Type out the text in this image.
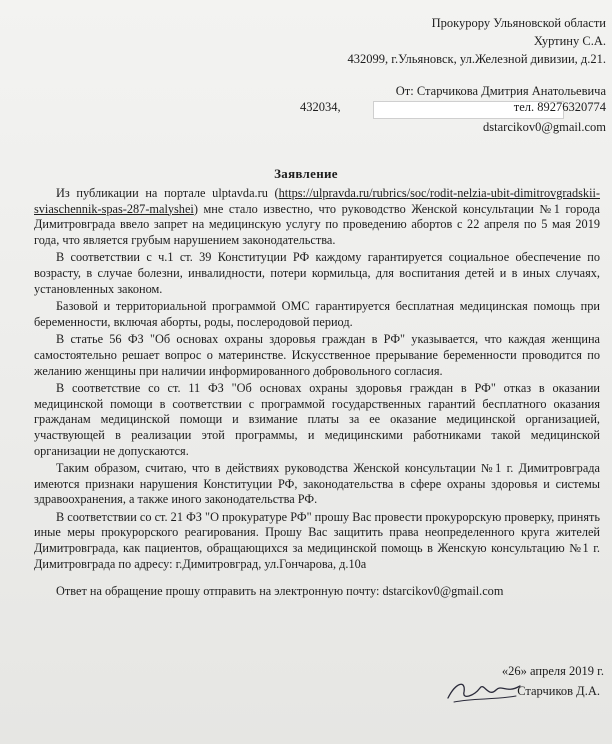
Прокурору Ульяновской области
Хуртину С.А.
432099, г.Ульяновск, ул.Железной дивизии, д.21.
От: Старчикова Дмитрия Анатольевича
432034,	тел. 89276320774
dstarcikov0@gmail.com
Заявление

Из публикации на портале ulptavda.ru (https://ulpravda.ru/rubrics/soc/rodit-nelzia-ubit-dimitrovgradskii-sviaschennik-spas-287-malyshei) мне стало известно, что руководство Женской консультации №1 города Димитровграда ввело запрет на медицинскую услугу по проведению абортов с 22 апреля по 5 мая 2019 года, что является грубым нарушением законодательства.

В соответствии с ч.1 ст. 39 Конституции РФ каждому гарантируется социальное обеспечение по возрасту, в случае болезни, инвалидности, потери кормильца, для воспитания детей и в иных случаях, установленных законом.

Базовой и территориальной программой ОМС гарантируется бесплатная медицинская помощь при беременности, включая аборты, роды, послеродовой период.

В статье 56 ФЗ "Об основах охраны здоровья граждан в РФ" указывается, что каждая женщина самостоятельно решает вопрос о материнстве. Искусственное прерывание беременности проводится по желанию женщины при наличии информированного добровольного согласия.

В соответствие со ст. 11 ФЗ "Об основах охраны здоровья граждан в РФ" отказ в оказании медицинской помощи в соответствии с программой государственных гарантий бесплатного оказания гражданам медицинской помощи и взимание платы за ее оказание медицинской организацией, участвующей в реализации этой программы, и медицинскими работниками такой медицинской организации не допускаются.

Таким образом, считаю, что в действиях руководства Женской консультации №1 г. Димитровграда имеются признаки нарушения Конституции РФ, законодательства в сфере охраны здоровья и системы здравоохранения, а также иного законодательства РФ.

В соответствии со ст. 21 ФЗ "О прокуратуре РФ" прошу Вас провести прокурорскую проверку, принять иные меры прокурорского реагирования. Прошу Вас защитить права неопределенного круга жителей Димитровграда, как пациентов, обращающихся за медицинской помощь в Женскую консультацию №1 г. Димитровграда по адресу: г.Димитровград, ул.Гончарова, д.10а

Ответ на обращение прошу отправить на электронную почту: dstarcikov0@gmail.com

«26» апреля 2019 г.
Старчиков Д.А.
